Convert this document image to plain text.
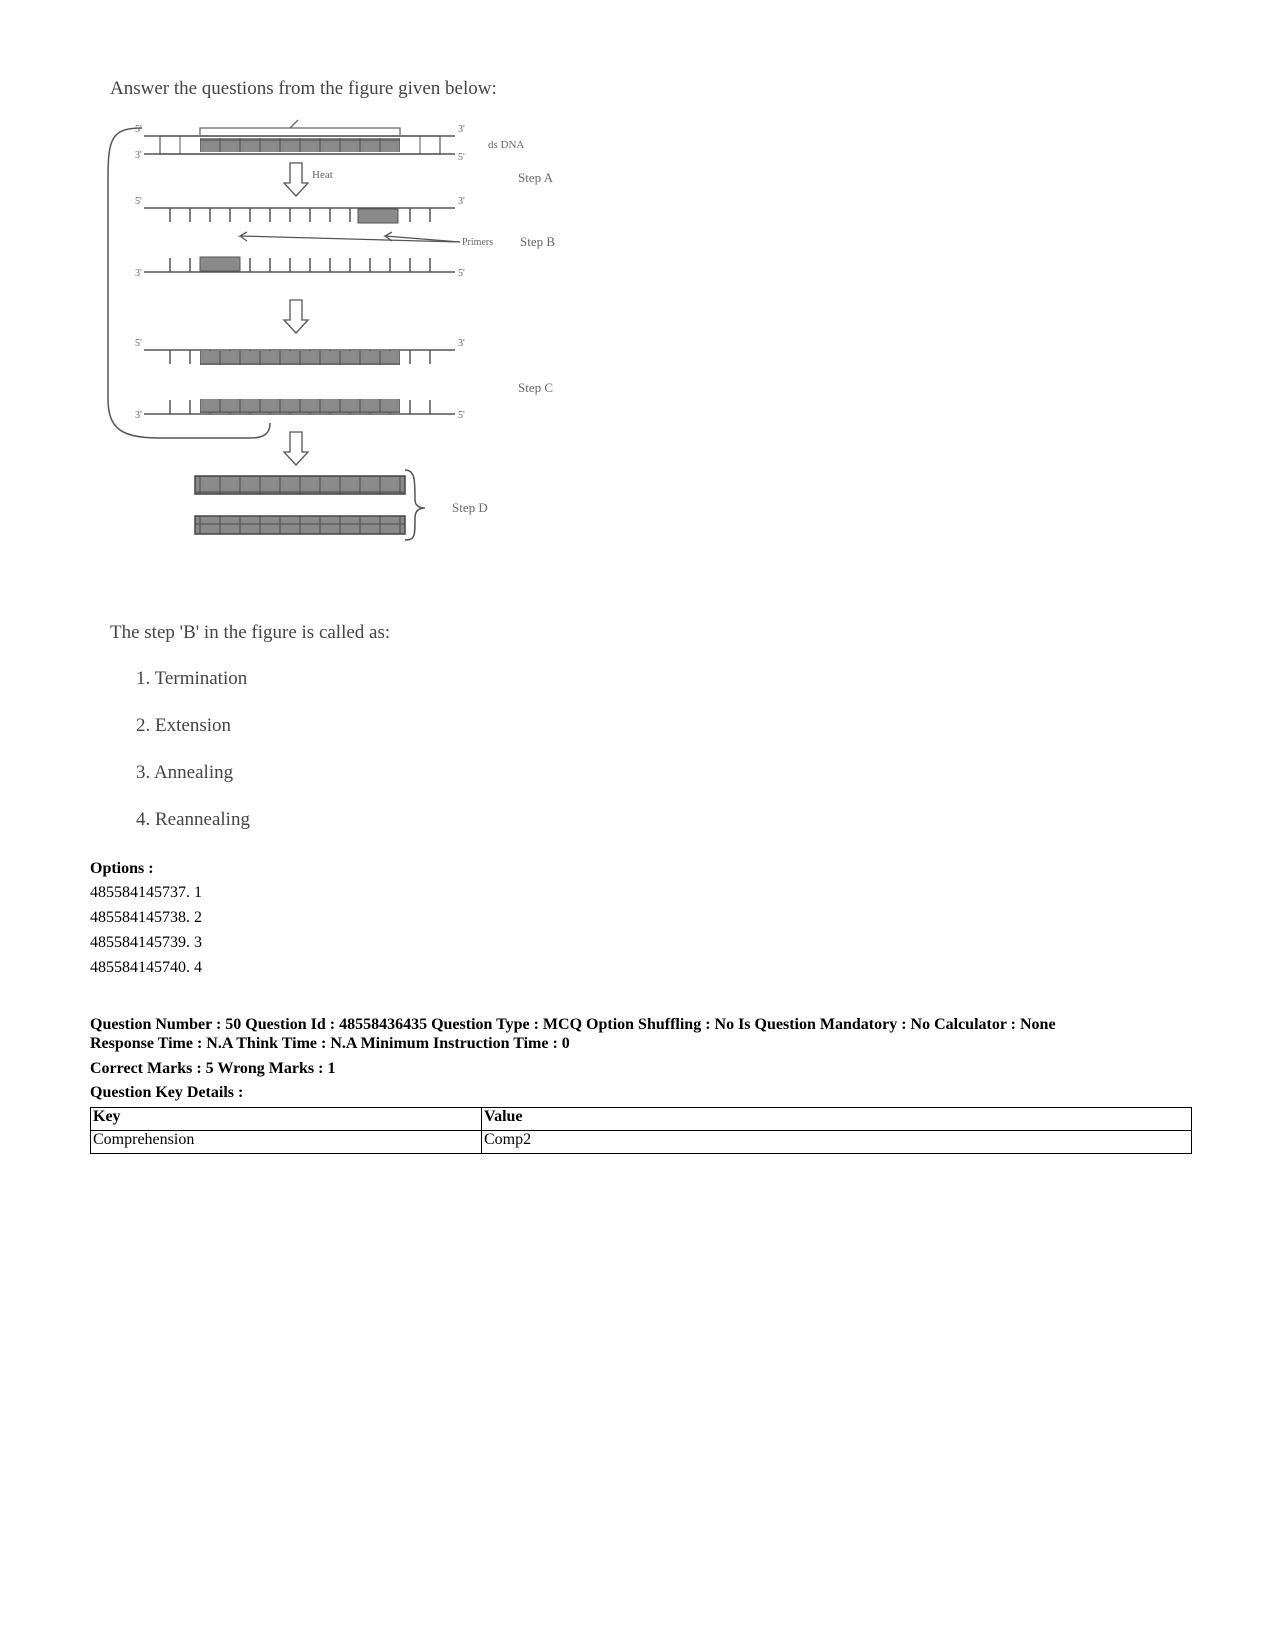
Answer the questions from the figure given below:
5'
3'
3'
5'
ds DNA
Heat	Step A
5'	3'
Primers Step B
3'	5'
5'	3'
Step C
3'	5'
Step D
The step 'B' in the figure is called as:
1. Termination
2. Extension
3. Annealing
4. Reannealing
Options :
485584145737. 1
485584145738. 2
485584145739. 3
485584145740. 4
Question Number : 50 Question Id : 48558436435 Question Type : MCQ Option Shuffling : No Is Question Mandatory : No Calculator : None
Response Time : N.A Think Time : N.A Minimum Instruction Time : 0
Correct Marks : 5 Wrong Marks : 1
Question Key Details :
Key	Value
Comprehension	Comp2
